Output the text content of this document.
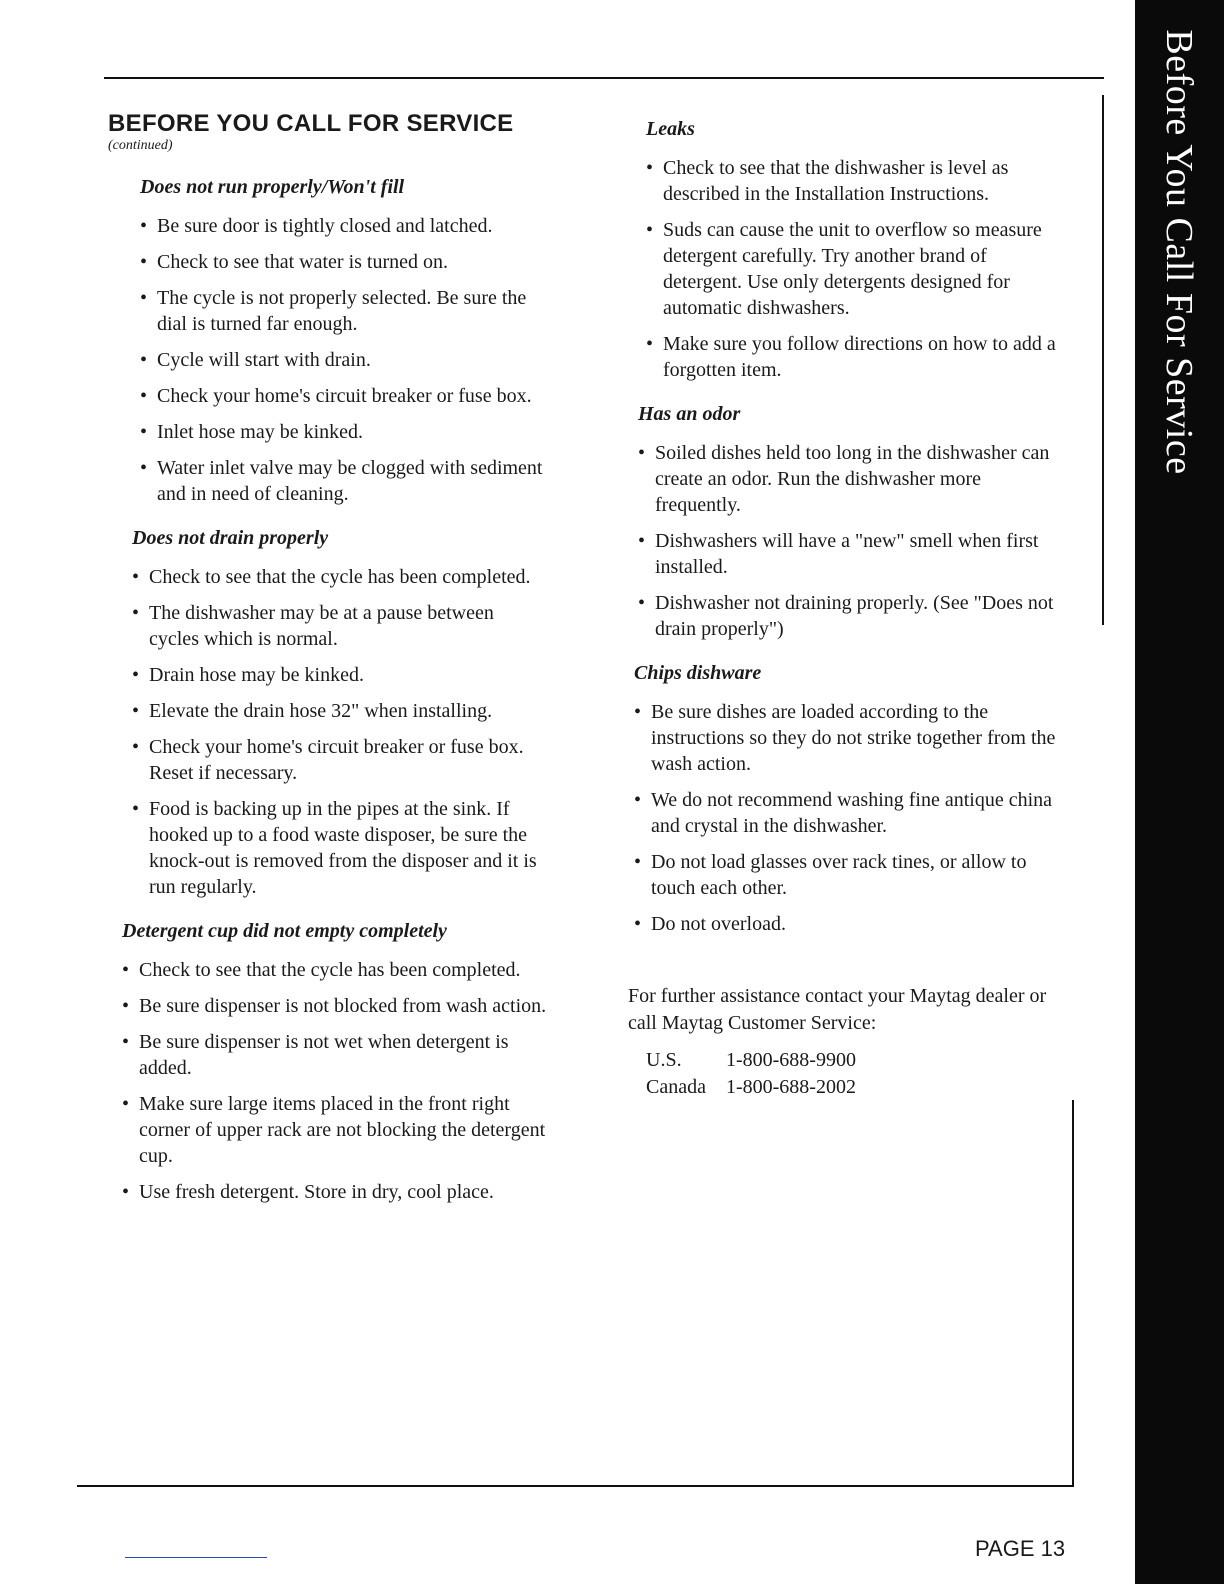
Before You Call For Service
BEFORE YOU CALL FOR SERVICE

(continued)

Does not run properly/Won't fill
• Be sure door is tightly closed and latched.
• Check to see that water is turned on.
• The cycle is not properly selected. Be sure the dial is turned far enough.
• Cycle will start with drain.
• Check your home's circuit breaker or fuse box.
• Inlet hose may be kinked.
• Water inlet valve may be clogged with sediment and in need of cleaning.
Does not drain properly
• Check to see that the cycle has been completed.
• The dishwasher may be at a pause between cycles which is normal.
• Drain hose may be kinked.
• Elevate the drain hose 32" when installing.
• Check your home's circuit breaker or fuse box. Reset if necessary.
• Food is backing up in the pipes at the sink. If hooked up to a food waste disposer, be sure the knock-out is removed from the disposer and it is run regularly.
Detergent cup did not empty completely
• Check to see that the cycle has been completed.
• Be sure dispenser is not blocked from wash action.
• Be sure dispenser is not wet when detergent is added.
• Make sure large items placed in the front right corner of upper rack are not blocking the detergent cup.
• Use fresh detergent. Store in dry, cool place.
Leaks
• Check to see that the dishwasher is level as described in the Installation Instructions.
• Suds can cause the unit to overflow so measure detergent carefully. Try another brand of detergent. Use only detergents designed for automatic dishwashers.
• Make sure you follow directions on how to add a forgotten item.
Has an odor
• Soiled dishes held too long in the dishwasher can create an odor. Run the dishwasher more frequently.
• Dishwashers will have a "new" smell when first installed.
• Dishwasher not draining properly. (See "Does not drain properly")
Chips dishware
• Be sure dishes are loaded according to the instructions so they do not strike together from the wash action.
• We do not recommend washing fine antique china and crystal in the dishwasher.
• Do not load glasses over rack tines, or allow to touch each other.
• Do not overload.

For further assistance contact your Maytag dealer or call Maytag Customer Service:

U.S.	1-800-688-9900
Canada	1-800-688-2002
PAGE 13
